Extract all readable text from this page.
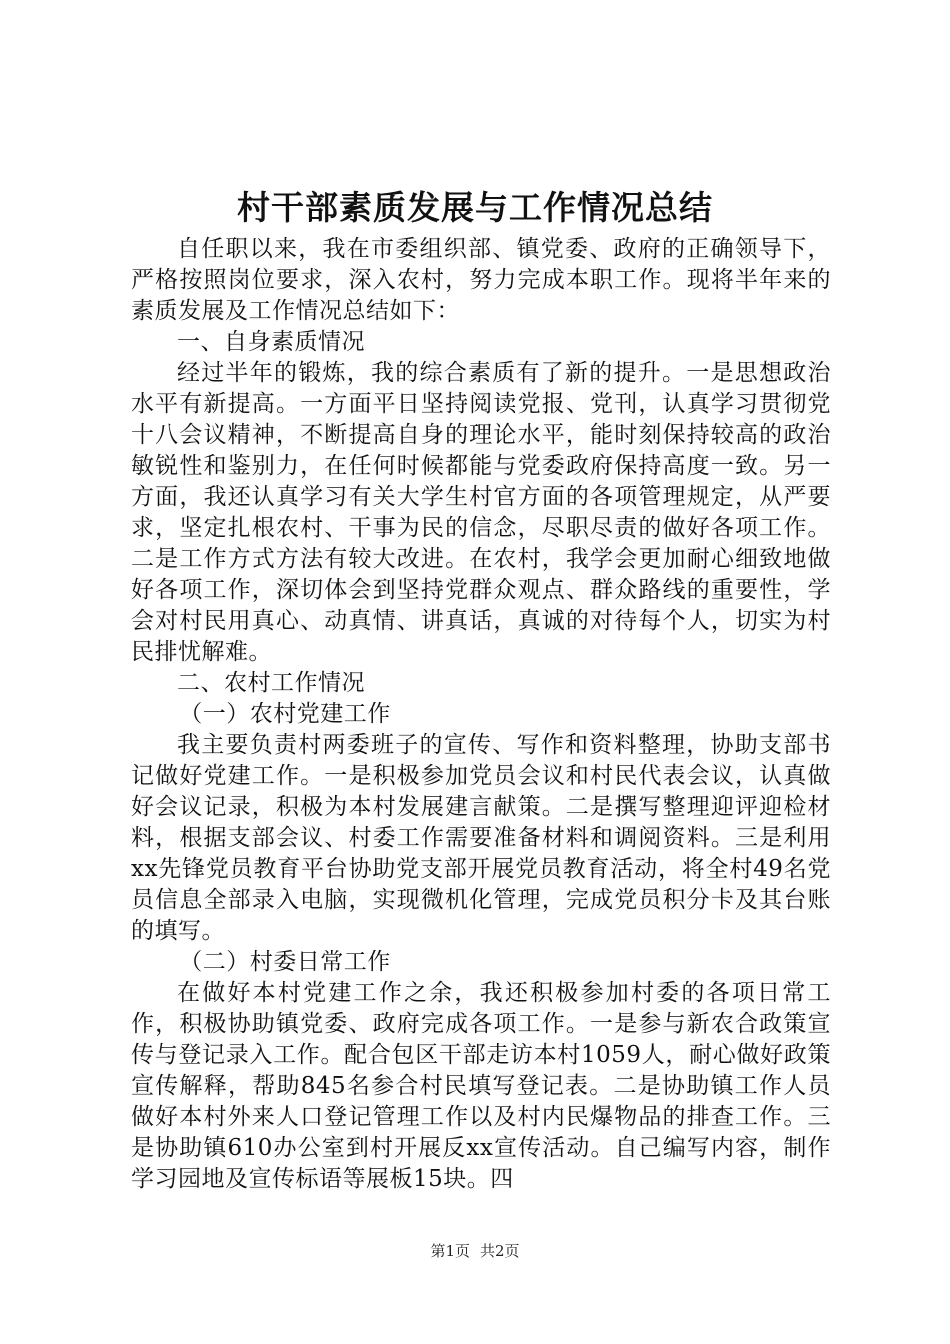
村干部素质发展与工作情况总结

自任职以来，我在市委组织部、镇党委、政府的正确领导下，严格按照岗位要求，深入农村，努力完成本职工作。现将半年来的素质发展及工作情况总结如下：

一、自身素质情况

经过半年的锻炼，我的综合素质有了新的提升。一是思想政治水平有新提高。一方面平日坚持阅读党报、党刊，认真学习贯彻党十八会议精神，不断提高自身的理论水平，能时刻保持较高的政治敏锐性和鉴别力，在任何时候都能与党委政府保持高度一致。另一方面，我还认真学习有关大学生村官方面的各项管理规定，从严要求，坚定扎根农村、干事为民的信念，尽职尽责的做好各项工作。二是工作方式方法有较大改进。在农村，我学会更加耐心细致地做好各项工作，深切体会到坚持党群众观点、群众路线的重要性，学会对村民用真心、动真情、讲真话，真诚的对待每个人，切实为村民排忧解难。

二、农村工作情况

（一）农村党建工作

我主要负责村两委班子的宣传、写作和资料整理，协助支部书记做好党建工作。一是积极参加党员会议和村民代表会议，认真做好会议记录，积极为本村发展建言献策。二是撰写整理迎评迎检材料，根据支部会议、村委工作需要准备材料和调阅资料。三是利用xx先锋党员教育平台协助党支部开展党员教育活动，将全村49名党员信息全部录入电脑，实现微机化管理，完成党员积分卡及其台账的填写。

（二）村委日常工作

在做好本村党建工作之余，我还积极参加村委的各项日常工作，积极协助镇党委、政府完成各项工作。一是参与新农合政策宣传与登记录入工作。配合包区干部走访本村1059人，耐心做好政策宣传解释，帮助845名参合村民填写登记表。二是协助镇工作人员做好本村外来人口登记管理工作以及村内民爆物品的排查工作。三是协助镇610办公室到村开展反xx宣传活动。自己编写内容，制作学习园地及宣传标语等展板15块。四

第1页 共2页
